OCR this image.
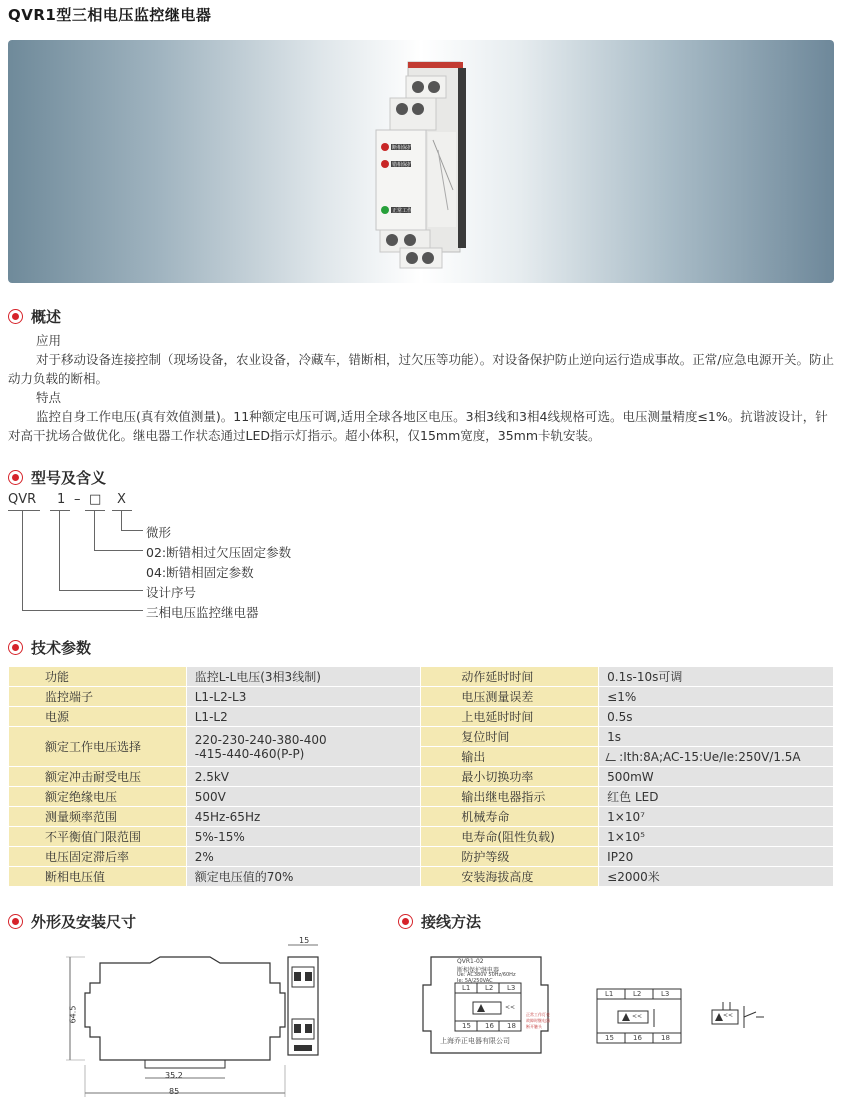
QVR1型三相电压监控继电器
概述
应用
对于移动设备连接控制（现场设备，农业设备，冷藏车，错断相，过欠压等功能）。对设备保护防止逆向运行造成事故。正常/应急电源开关。防止动力负载的断相。
特点
监控自身工作电压(真有效值测量)。11种额定电压可调,适用全球各地区电压。3相3线和3相4线规格可选。电压测量精度≤1%。抗谐波设计，针对高干扰场合做优化。继电器工作状态通过LED指示灯指示。超小体积，仅15mm宽度，35mm卡轨安装。
型号及含义
QVR 1 – □ X
微形
02:断错相过欠压固定参数
04:断错相固定参数
设计序号
三相电压监控继电器
技术参数
功能	监控L-L电压(3相3线制)	动作延时时间	0.1s-10s可调
监控端子	L1-L2-L3	电压测量误差	≤1%
电源	L1-L2	上电延时时间	0.5s
额定工作电压选择	220-230-240-380-400
-415-440-460(P-P)	复位时间	1s
		输出	:Ith:8A;AC-15:Ue/Ie:250V/1.5A
额定冲击耐受电压	2.5kV	最小切换功率	500mW
额定绝缘电压	500V	输出继电器指示	红色 LED
测量频率范围	45Hz-65Hz	机械寿命	1×10⁷
不平衡值门限范围	5%-15%	电寿命(阻性负载)	1×10⁵
电压固定滞后率	2%	防护等级	IP20
断相电压值	额定电压值的70%	安装海拔高度	≤2000米
外形及安装尺寸
64.5
35.2
85
15
接线方法
QVR1-02
断相保护继电器
Ue: AC380V 50Hz/60Hz
Ie: 5A/250VAC
L1 L2 L3
15 16 18
<<
正常工作灯亮
故障时继电器
断开触头
上海乔正电器有限公司
L1	L2	L3
15	16	18
<<	<<
断相保护
错相保护
正常工作
